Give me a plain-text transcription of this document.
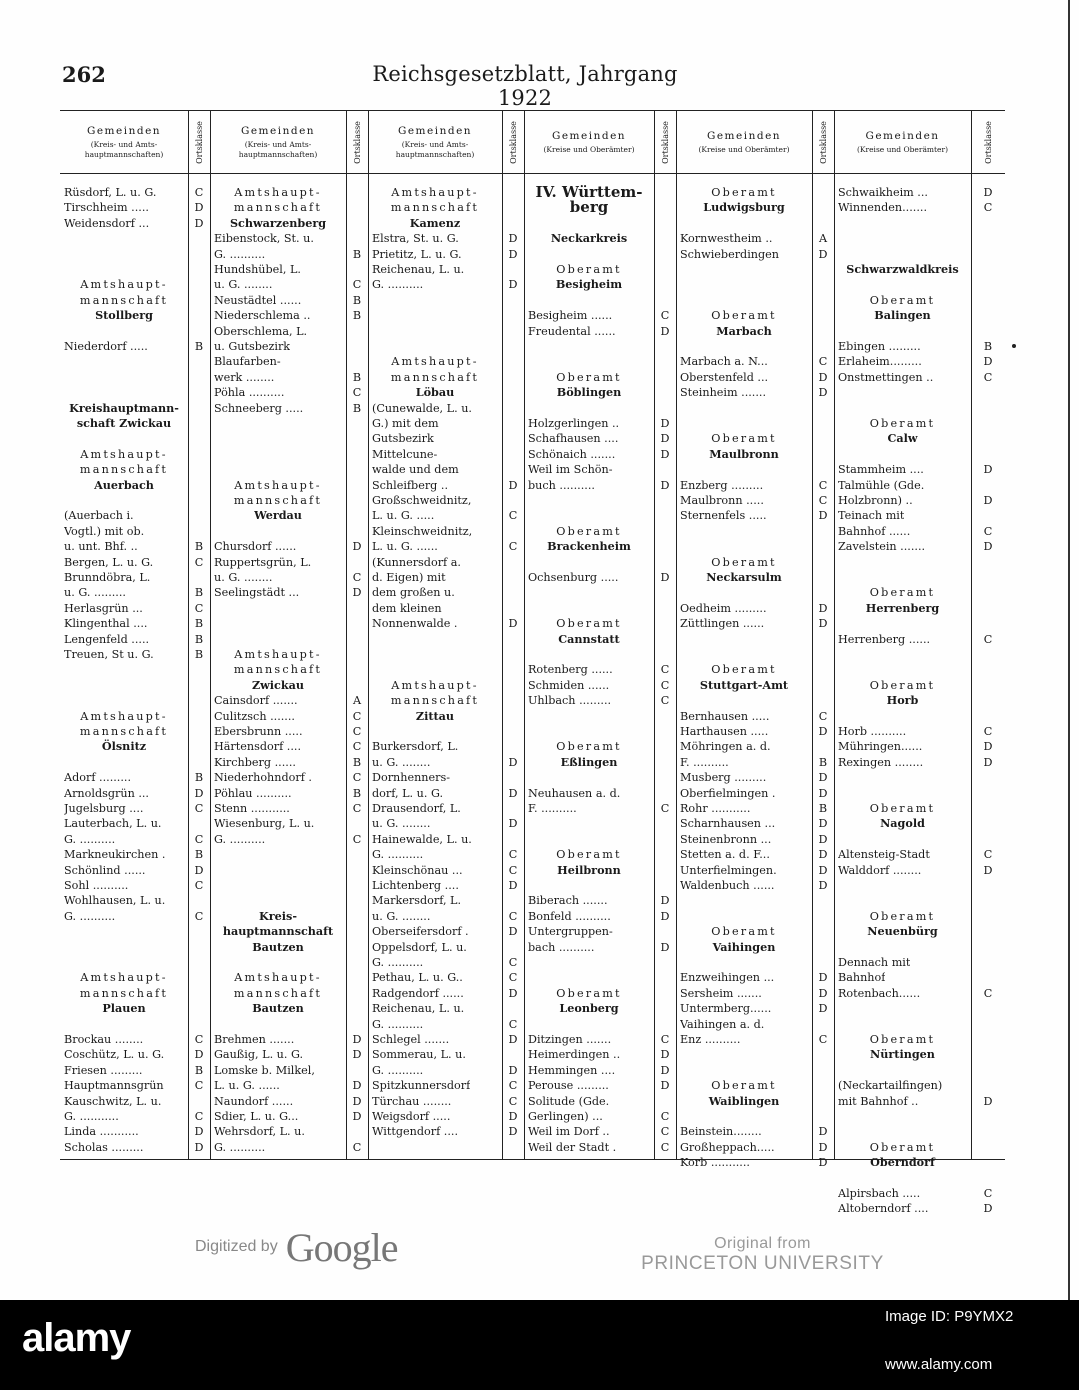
262	Reichsgesetzblatt, Jahrgang 1922
Gemeinden
(Kreis- und Amts-
hauptmannschaften)	Ortsklasse
Rüsdorf, L. u. G.	C
Tirschheim .....	D
Weidensdorf ...	D
Amtshaupt-
mannschaft
Stollberg
Niederdorf .....	B
Kreishauptmann-
schaft Zwickau
Amtshaupt-
mannschaft
Auerbach
(Auerbach i.
Vogtl.) mit ob.
u. unt. Bhf. ..	B
Bergen, L. u. G.	C
Brunndöbra, L.
u. G. .........	B
Herlasgrün ...	C
Klingenthal ....	B
Lengenfeld .....	B
Treuen, St u. G.	B
Amtshaupt-
mannschaft
Ölsnitz
Adorf .........	B
Arnoldsgrün ...	D
Jugelsburg ....	C
Lauterbach, L. u.
G. ..........	C
Markneukirchen .	B
Schönlind ......	D
Sohl ..........	C
Wohlhausen, L. u.
G. ..........	C
Amtshaupt-
mannschaft
Plauen
Brockau ........	C
Coschütz, L. u. G.	D
Friesen .........	B
Hauptmannsgrün	C
Kauschwitz, L. u.
G. ...........	C
Linda ...........	D
Scholas .........	D
Gemeinden
(Kreis- und Amts-
hauptmannschaften)	Ortsklasse
Amtshaupt-
mannschaft
Schwarzenberg
Eibenstock, St. u.
G. ..........	B
Hundshübel, L.
u. G. ........	C
Neustädtel ......	B
Niederschlema ..	B
Oberschlema, L.
u. Gutsbezirk
Blaufarben-
werk ........	B
Pöhla ..........	C
Schneeberg .....	B
Amtshaupt-
mannschaft
Werdau
Chursdorf ......	D
Ruppertsgrün, L.
u. G. ........	C
Seelingstädt ...	D
Amtshaupt-
mannschaft
Zwickau
Cainsdorf .......	A
Culitzsch .......	C
Ebersbrunn .....	C
Härtensdorf ....	C
Kirchberg ......	B
Niederhohndorf .	C
Pöhlau ..........	B
Stenn ...........	C
Wiesenburg, L. u.
G. ..........	C
Kreis-
hauptmannschaft
Bautzen
Amtshaupt-
mannschaft
Bautzen
Brehmen .......	D
Gaußig, L. u. G.	D
Lomske b. Milkel,
L. u. G. ......	D
Naundorf ......	D
Sdier, L. u. G...	D
Wehrsdorf, L. u.
G. ..........	C
Gemeinden
(Kreis- und Amts-
hauptmannschaften)	Ortsklasse
Amtshaupt-
mannschaft
Kamenz
Elstra, St. u. G.	D
Prietitz, L. u. G.	D
Reichenau, L. u.
G. ..........	D
Amtshaupt-
mannschaft
Löbau
(Cunewalde, L. u.
G.) mit dem
Gutsbezirk
Mittelcune-
walde und dem
Schleifberg ..	D
Großschweidnitz,
L. u. G. .....	C
Kleinschweidnitz,
L. u. G. ......	C
(Kunnersdorf a.
d. Eigen) mit
dem großen u.
dem kleinen
Nonnenwalde .	D
Amtshaupt-
mannschaft
Zittau
Burkersdorf, L.
u. G. ........	D
Dornhenners-
dorf, L. u. G.	D
Drausendorf, L.
u. G. ........	D
Hainewalde, L. u.
G. ..........	C
Kleinschönau ...	C
Lichtenberg ....	D
Markersdorf, L.
u. G. ........	C
Oberseifersdorf .	D
Oppelsdorf, L. u.
G. ..........	C
Pethau, L. u. G..	C
Radgendorf ......	D
Reichenau, L. u.
G. ..........	C
Schlegel .......	D
Sommerau, L. u.
G. ..........	D
Spitzkunnersdorf	C
Türchau ........	C
Weigsdorf .....	D
Wittgendorf ....	D
Gemeinden
(Kreise und Oberämter)	Ortsklasse
IV. Württem-
berg
Neckarkreis
Oberamt
Besigheim
Besigheim ......	C
Freudental ......	D
Oberamt
Böblingen
Holzgerlingen ..	D
Schafhausen ....	D
Schönaich .......	D
Weil im Schön-
buch ..........	D
Oberamt
Brackenheim
Ochsenburg .....	D
Oberamt
Cannstatt
Rotenberg ......	C
Schmiden ......	C
Uhlbach .........	C
Oberamt
Eßlingen
Neuhausen a. d.
F. ..........	C
Oberamt
Heilbronn
Biberach .......	D
Bonfeld ..........	D
Untergruppen-
bach ..........	D
Oberamt
Leonberg
Ditzingen .......	C
Heimerdingen ..	D
Hemmingen ....	D
Perouse .........	D
Solitude (Gde.
Gerlingen) ...	C
Weil im Dorf ..	C
Weil der Stadt .	C
Gemeinden
(Kreise und Oberämter)	Ortsklasse
Oberamt
Ludwigsburg
Kornwestheim ..	A
Schwieberdingen	D
Oberamt
Marbach
Marbach a. N...	C
Oberstenfeld ...	D
Steinheim .......	D
Oberamt
Maulbronn
Enzberg .........	C
Maulbronn .....	C
Sternenfels .....	D
Oberamt
Neckarsulm
Oedheim .........	D
Züttlingen ......	D
Oberamt
Stuttgart-Amt
Bernhausen .....	C
Harthausen .....	D
Möhringen a. d.
F. ..........	B
Musberg .........	D
Oberfielmingen .	D
Rohr ...........	B
Scharnhausen ...	D
Steinenbronn ...	D
Stetten a. d. F...	D
Unterfielmingen.	D
Waldenbuch ......	D
Oberamt
Vaihingen
Enzweihingen ...	D
Sersheim .......	D
Untermberg......	D
Vaihingen a. d.
Enz ..........	C
Oberamt
Waiblingen
Beinstein........	D
Großheppach.....	D
Korb ...........	D
Gemeinden
(Kreise und Oberämter)	Ortsklasse
Schwaikheim ...	D
Winnenden.......	C
Schwarzwaldkreis
Oberamt
Balingen
Ebingen .........	B
Erlaheim.........	D
Onstmettingen ..	C
Oberamt
Calw
Stammheim ....	D
Talmühle (Gde.
Holzbronn) ..	D
Teinach mit
Bahnhof ......	C
Zavelstein .......	D
Oberamt
Herrenberg
Herrenberg ......	C
Oberamt
Horb
Horb ..........	C
Mühringen......	D
Rexingen ........	D
Oberamt
Nagold
Altensteig-Stadt	C
Walddorf ........	D
Oberamt
Neuenbürg
Dennach mit
Bahnhof
Rotenbach......	C
Oberamt
Nürtingen
(Neckartailfingen)
mit Bahnhof ..	D
Oberamt
Oberndorf
Alpirsbach .....	C
Altoberndorf ....	D
Digitized by Google	Original from
PRINCETON UNIVERSITY
alamy	Image ID: P9YMX2
www.alamy.com
